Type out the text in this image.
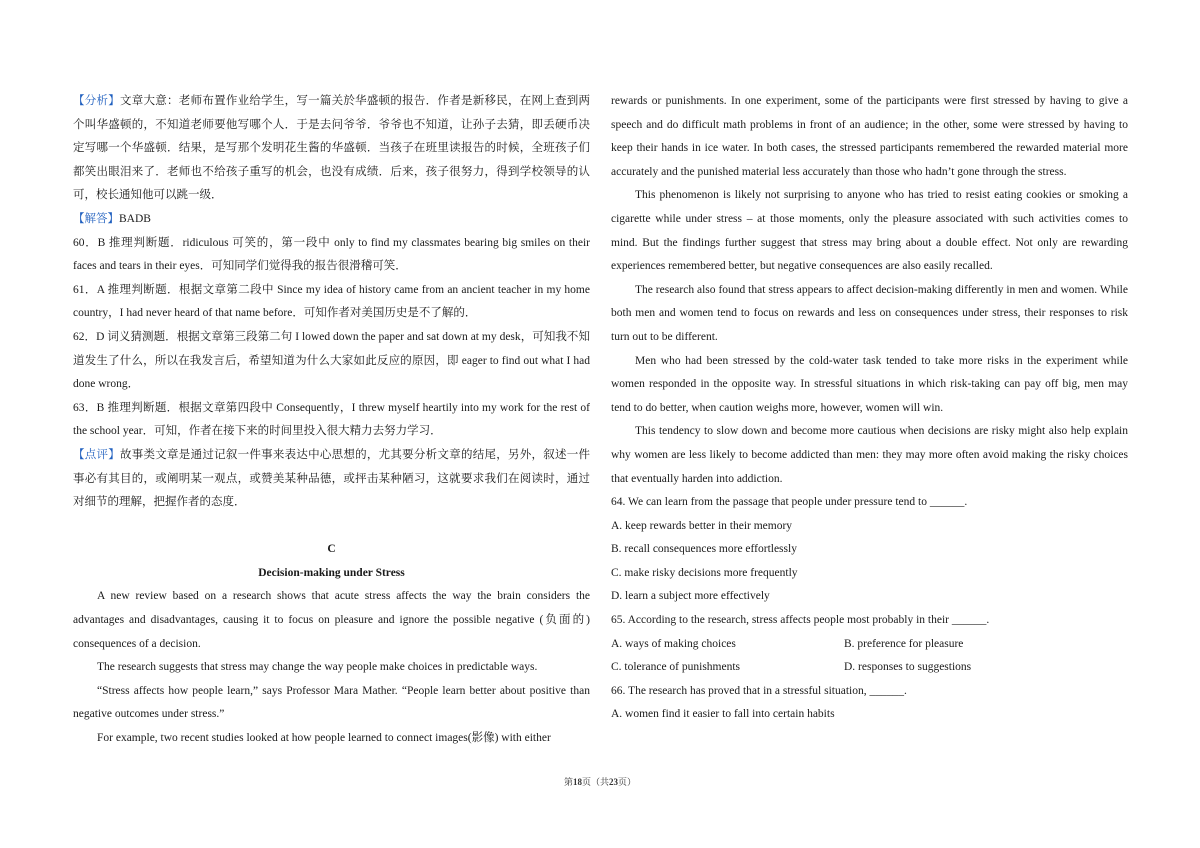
【分析】文章大意：老师布置作业给学生，写一篇关於华盛顿的报告．作者是新移民，在网上查到两个叫华盛顿的，不知道老师要他写哪个人．于是去问爷爷．爷爷也不知道，让孙子去猜，即丢硬币决定写哪一个华盛顿．结果，是写那个发明花生酱的华盛顿．当孩子在班里读报告的时候，全班孩子们都笑出眼泪来了．老师也不给孩子重写的机会，也没有成绩．后来，孩子很努力，得到学校领导的认可，校长通知他可以跳一级．

【解答】BADB

60．B 推理判断题．ridiculous 可笑的，第一段中 only to find my classmates bearing big smiles on their faces and tears in their eyes．可知同学们觉得我的报告很滑稽可笑．

61．A 推理判断题．根据文章第二段中 Since my idea of history came from an ancient teacher in my home country，I had never heard of that name before．可知作者对美国历史是不了解的．

62．D 词义猜测题．根据文章第三段第二句 I lowed down the paper and sat down at my desk，可知我不知道发生了什么，所以在我发言后，希望知道为什么大家如此反应的原因，即 eager to find out what I had done wrong．

63．B 推理判断题．根据文章第四段中 Consequently，I threw myself heartily into my work for the rest of the school year．可知，作者在接下来的时间里投入很大精力去努力学习．

【点评】故事类文章是通过记叙一件事来表达中心思想的，尤其要分析文章的结尾，另外，叙述一件事必有其目的，或阐明某一观点，或赞美某种品德，或抨击某种陋习，这就要求我们在阅读时，通过对细节的理解，把握作者的态度．

C

Decision-making under Stress

A new review based on a research shows that acute stress affects the way the brain considers the advantages and disadvantages, causing it to focus on pleasure and ignore the possible negative (负面的) consequences of a decision.

The research suggests that stress may change the way people make choices in predictable ways.

“Stress affects how people learn,” says Professor Mara Mather. “People learn better about positive than negative outcomes under stress.”

For example, two recent studies looked at how people learned to connect images(影像) with either

rewards or punishments. In one experiment, some of the participants were first stressed by having to give a speech and do difficult math problems in front of an audience; in the other, some were stressed by having to keep their hands in ice water. In both cases, the stressed participants remembered the rewarded material more accurately and the punished material less accurately than those who hadn’t gone through the stress.

This phenomenon is likely not surprising to anyone who has tried to resist eating cookies or smoking a cigarette while under stress – at those moments, only the pleasure associated with such activities comes to mind. But the findings further suggest that stress may bring about a double effect. Not only are rewarding experiences remembered better, but negative consequences are also easily recalled.

The research also found that stress appears to affect decision-making differently in men and women. While both men and women tend to focus on rewards and less on consequences under stress, their responses to risk turn out to be different.

Men who had been stressed by the cold-water task tended to take more risks in the experiment while women responded in the opposite way. In stressful situations in which risk-taking can pay off big, men may tend to do better, when caution weighs more, however, women will win.

This tendency to slow down and become more cautious when decisions are risky might also help explain why women are less likely to become addicted than men: they may more often avoid making the risky choices that eventually harden into addiction.

64. We can learn from the passage that people under pressure tend to ______.

A. keep rewards better in their memory

B. recall consequences more effortlessly

C. make risky decisions more frequently

D. learn a subject more effectively

65. According to the research, stress affects people most probably in their ______.

A. ways of making choices	B. preference for pleasure
C. tolerance of punishments	D. responses to suggestions

66. The research has proved that in a stressful situation, ______.

A. women find it easier to fall into certain habits

第18页（共23页）
